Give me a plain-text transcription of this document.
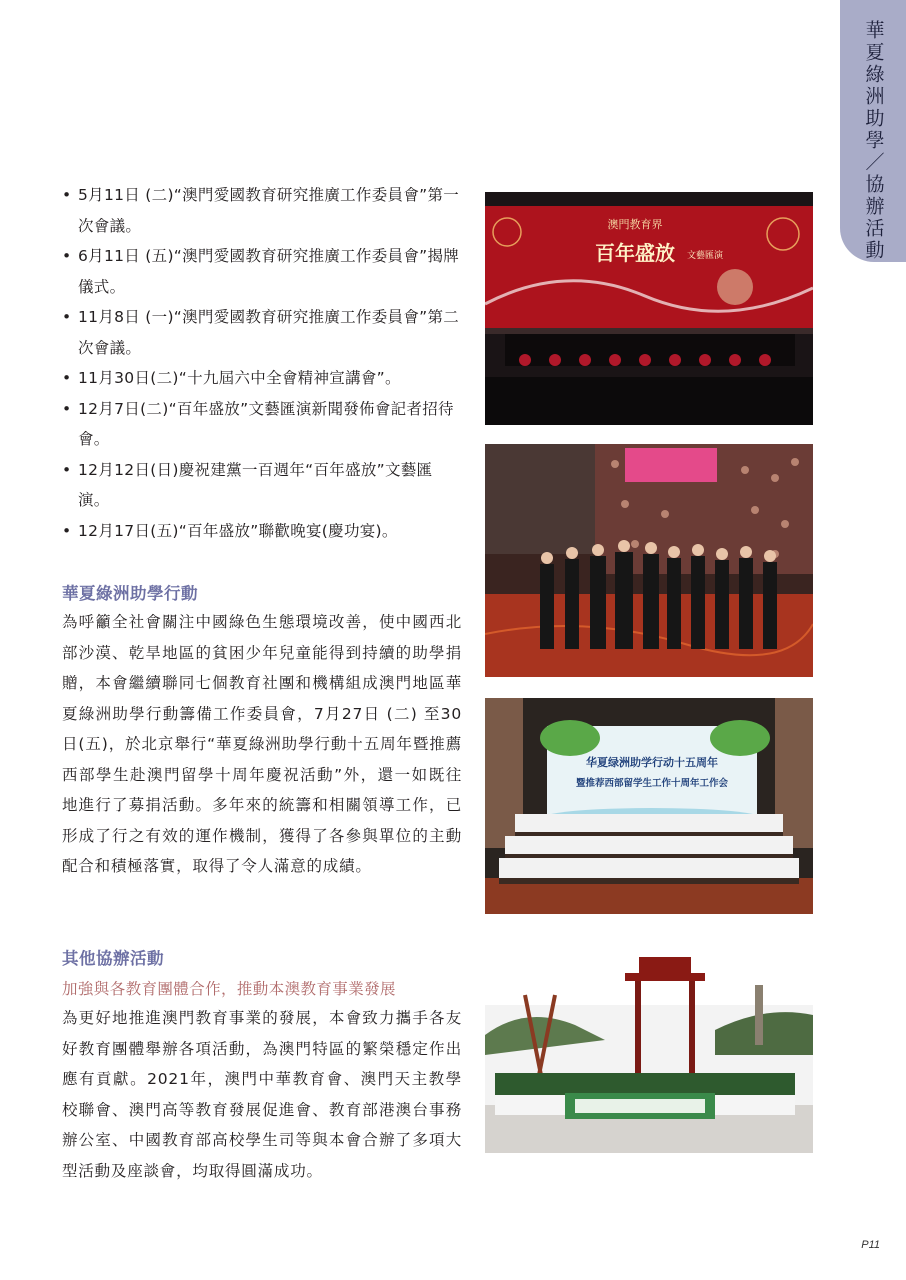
華夏綠洲助學／協辦活動
• 5月11日 (二)“澳門愛國教育研究推廣工作委員會”第一次會議。
• 6月11日 (五)“澳門愛國教育研究推廣工作委員會”揭牌儀式。
• 11月8日 (一)“澳門愛國教育研究推廣工作委員會”第二次會議。
• 11月30日(二)“十九屆六中全會精神宣講會”。
• 12月7日(二)“百年盛放”文藝匯演新聞發佈會記者招待會。
• 12月12日(日)慶祝建黨一百週年“百年盛放”文藝匯演。
• 12月17日(五)“百年盛放”聯歡晚宴(慶功宴)。
華夏綠洲助學行動

為呼籲全社會關注中國綠色生態環境改善，使中國西北部沙漠、乾旱地區的貧困少年兒童能得到持續的助學捐贈，本會繼續聯同七個教育社團和機構組成澳門地區華夏綠洲助學行動籌備工作委員會，7月27日 (二) 至30日(五)，於北京舉行“華夏綠洲助學行動十五周年暨推薦西部學生赴澳門留學十周年慶祝活動”外，還一如既往地進行了募捐活動。多年來的統籌和相關領導工作，已形成了行之有效的運作機制，獲得了各參與單位的主動配合和積極落實，取得了令人滿意的成績。

其他協辦活動
加強與各教育團體合作，推動本澳教育事業發展

為更好地推進澳門教育事業的發展，本會致力攜手各友好教育團體舉辦各項活動，為澳門特區的繁榮穩定作出應有貢獻。2021年，澳門中華教育會、澳門天主教學校聯會、澳門高等教育發展促進會、教育部港澳台事務辦公室、中國教育部高校學生司等與本會合辦了多項大型活動及座談會，均取得圓滿成功。

澳門教育界
百年盛放 文藝匯演
华夏绿洲助学行动十五周年
暨推荐西部留学生工作十周年工作会
P11
